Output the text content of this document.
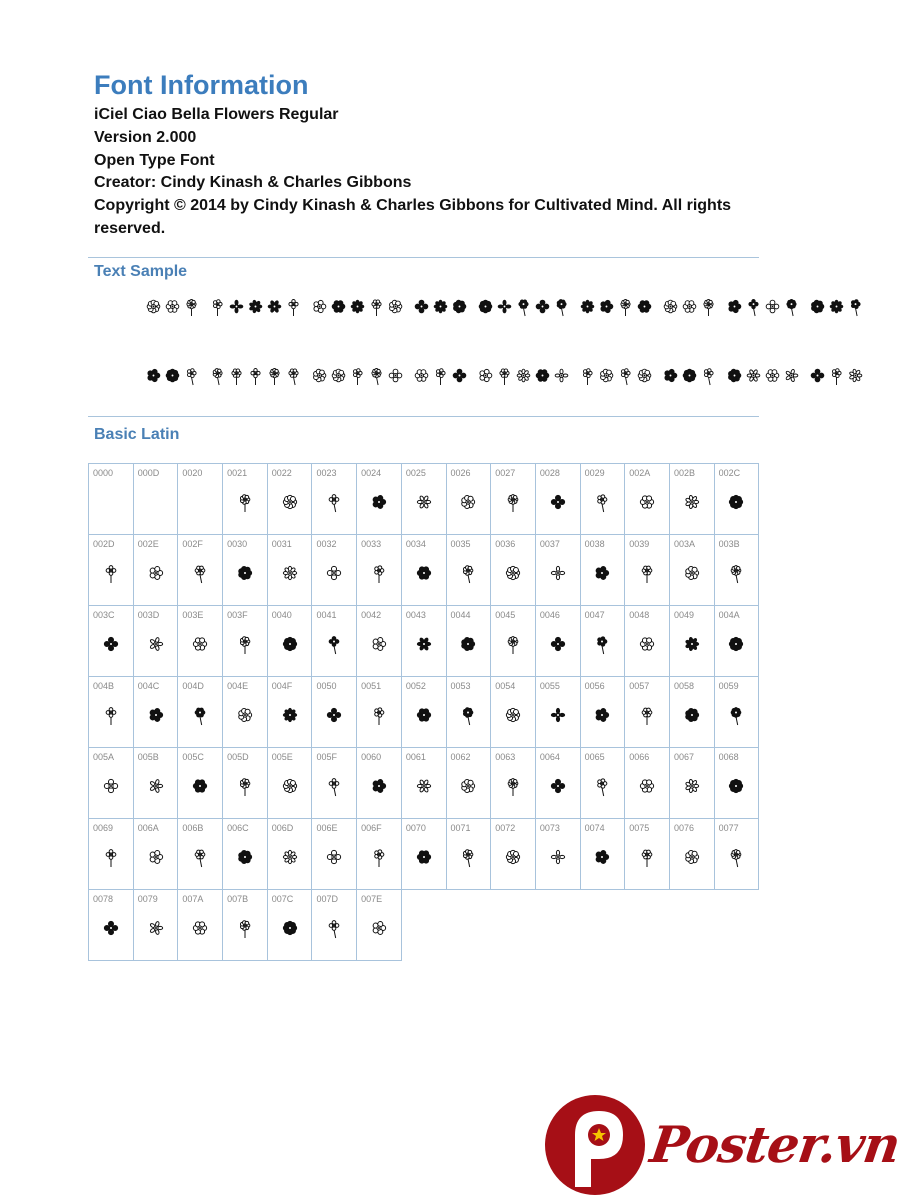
Font Information
iCiel Ciao Bella Flowers Regular
Version 2.000
Open Type Font
Creator: Cindy Kinash & Charles Gibbons
Copyright © 2014 by Cindy Kinash & Charles Gibbons for Cultivated Mind. All rights
reserved.
Text Sample
Basic Latin
0000	000D	0020	0021	0022	0023	0024	0025	0026	0027	0028	0029	002A	002B	002C
002D	002E	002F	0030	0031	0032	0033	0034	0035	0036	0037	0038	0039	003A	003B
003C	003D	003E	003F	0040	0041	0042	0043	0044	0045	0046	0047	0048	0049	004A
004B	004C	004D	004E	004F	0050	0051	0052	0053	0054	0055	0056	0057	0058	0059
005A	005B	005C	005D	005E	005F	0060	0061	0062	0063	0064	0065	0066	0067	0068
0069	006A	006B	006C	006D	006E	006F	0070	0071	0072	0073	0074	0075	0076	0077
0078	0079	007A	007B	007C	007D	007E
Poster.vn
